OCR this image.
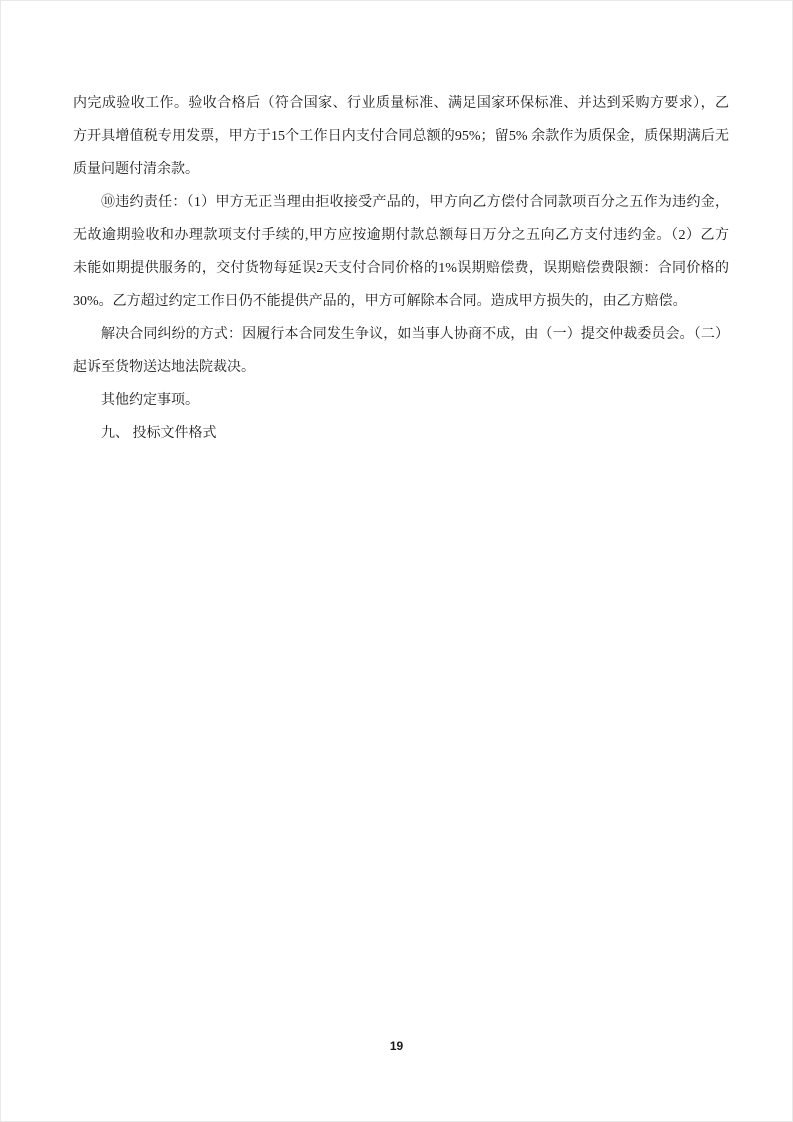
内完成验收工作。验收合格后（符合国家、行业质量标准、满足国家环保标准、并达到采购方要求），乙
方开具增值税专用发票，甲方于15个工作日内支付合同总额的95%；留5% 余款作为质保金，质保期满后无
质量问题付清余款。
⑩违约责任：（1）甲方无正当理由拒收接受产品的，甲方向乙方偿付合同款项百分之五作为违约金，
无故逾期验收和办理款项支付手续的,甲方应按逾期付款总额每日万分之五向乙方支付违约金。（2）乙方
未能如期提供服务的，交付货物每延误2天支付合同价格的1%误期赔偿费，误期赔偿费限额：合同价格的
30%。乙方超过约定工作日仍不能提供产品的，甲方可解除本合同。造成甲方损失的，由乙方赔偿。
解决合同纠纷的方式：因履行本合同发生争议，如当事人协商不成，由（一）提交仲裁委员会。（二）
起诉至货物送达地法院裁决。
其他约定事项。
九、 投标文件格式
19
